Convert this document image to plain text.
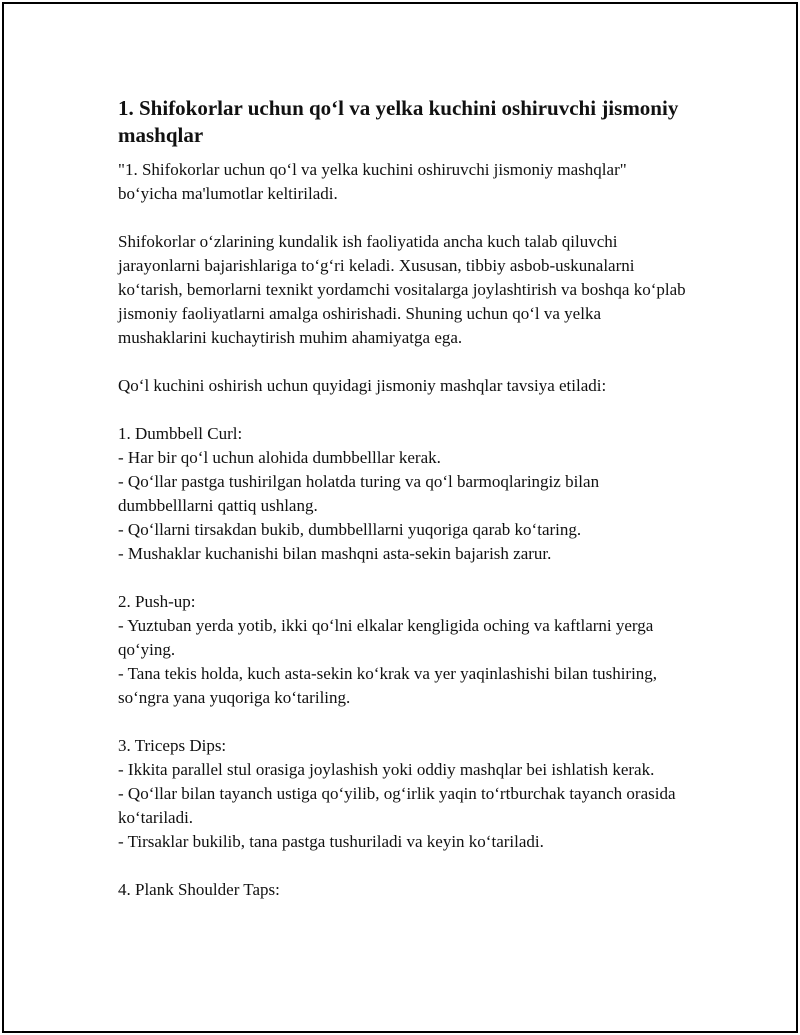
1. Shifokorlar uchun qo‘l va yelka kuchini oshiruvchi jismoniy mashqlar

"1. Shifokorlar uchun qo‘l va yelka kuchini oshiruvchi jismoniy mashqlar" bo‘yicha ma'lumotlar keltiriladi.

Shifokorlar o‘zlarining kundalik ish faoliyatida ancha kuch talab qiluvchi jarayonlarni bajarishlariga to‘g‘ri keladi. Xususan, tibbiy asbob-uskunalarni ko‘tarish, bemorlarni texnikt yordamchi vositalarga joylashtirish va boshqa ko‘plab jismoniy faoliyatlarni amalga oshirishadi. Shuning uchun qo‘l va yelka mushaklarini kuchaytirish muhim ahamiyatga ega.

Qo‘l kuchini oshirish uchun quyidagi jismoniy mashqlar tavsiya etiladi:

1. Dumbbell Curl:
- Har bir qo‘l uchun alohida dumbbelllar kerak.
- Qo‘llar pastga tushirilgan holatda turing va qo‘l barmoqlaringiz bilan dumbbelllarni qattiq ushlang.
- Qo‘llarni tirsakdan bukib, dumbbelllarni yuqoriga qarab ko‘taring.
- Mushaklar kuchanishi bilan mashqni asta-sekin bajarish zarur.
2. Push-up:
- Yuztuban yerda yotib, ikki qo‘lni elkalar kengligida oching va kaftlarni yerga qo‘ying.
- Tana tekis holda, kuch asta-sekin ko‘krak va yer yaqinlashishi bilan tushiring, so‘ngra yana yuqoriga ko‘tariling.
3. Triceps Dips:
- Ikkita parallel stul orasiga joylashish yoki oddiy mashqlar bei ishlatish kerak.
- Qo‘llar bilan tayanch ustiga qo‘yilib, og‘irlik yaqin to‘rtburchak tayanch orasida ko‘tariladi.
- Tirsaklar bukilib, tana pastga tushuriladi va keyin ko‘tariladi.
4. Plank Shoulder Taps:
